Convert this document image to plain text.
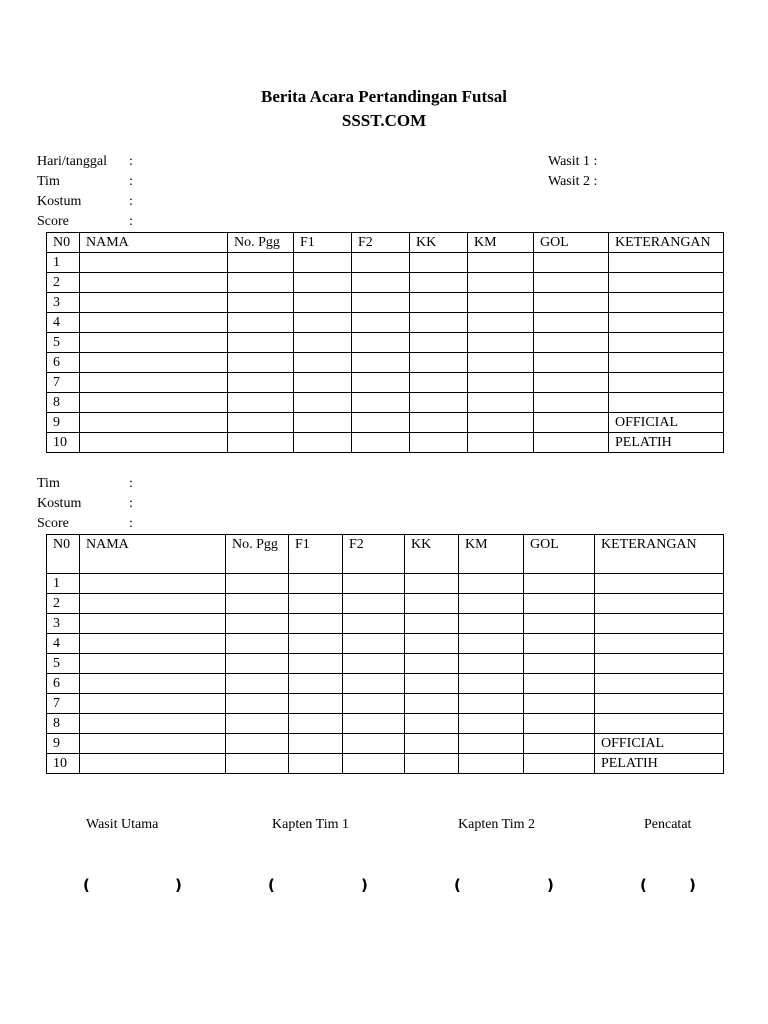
Berita Acara Pertandingan Futsal
SSST.COM
Hari/tanggal :
Tim	:
Kostum	:
Score	:
Wasit 1 :
Wasit 2 :
N0	NAMA	No. Pgg	F1	F2	KK	KM	GOL	KETERANGAN
1								
2								
3								
4								
5								
6								
7								
8								
9								OFFICIAL
10								PELATIH
Tim	:
Kostum	:
Score	:
N0	NAMA	No. Pgg	F1	F2	KK	KM	GOL	KETERANGAN
1								
2								
3								
4								
5								
6								
7								
8								
9								OFFICIAL
10								PELATIH
Wasit Utama	Kapten Tim 1	Kapten Tim 2	Pencatat
(	)	(	)	(	)	(	)
